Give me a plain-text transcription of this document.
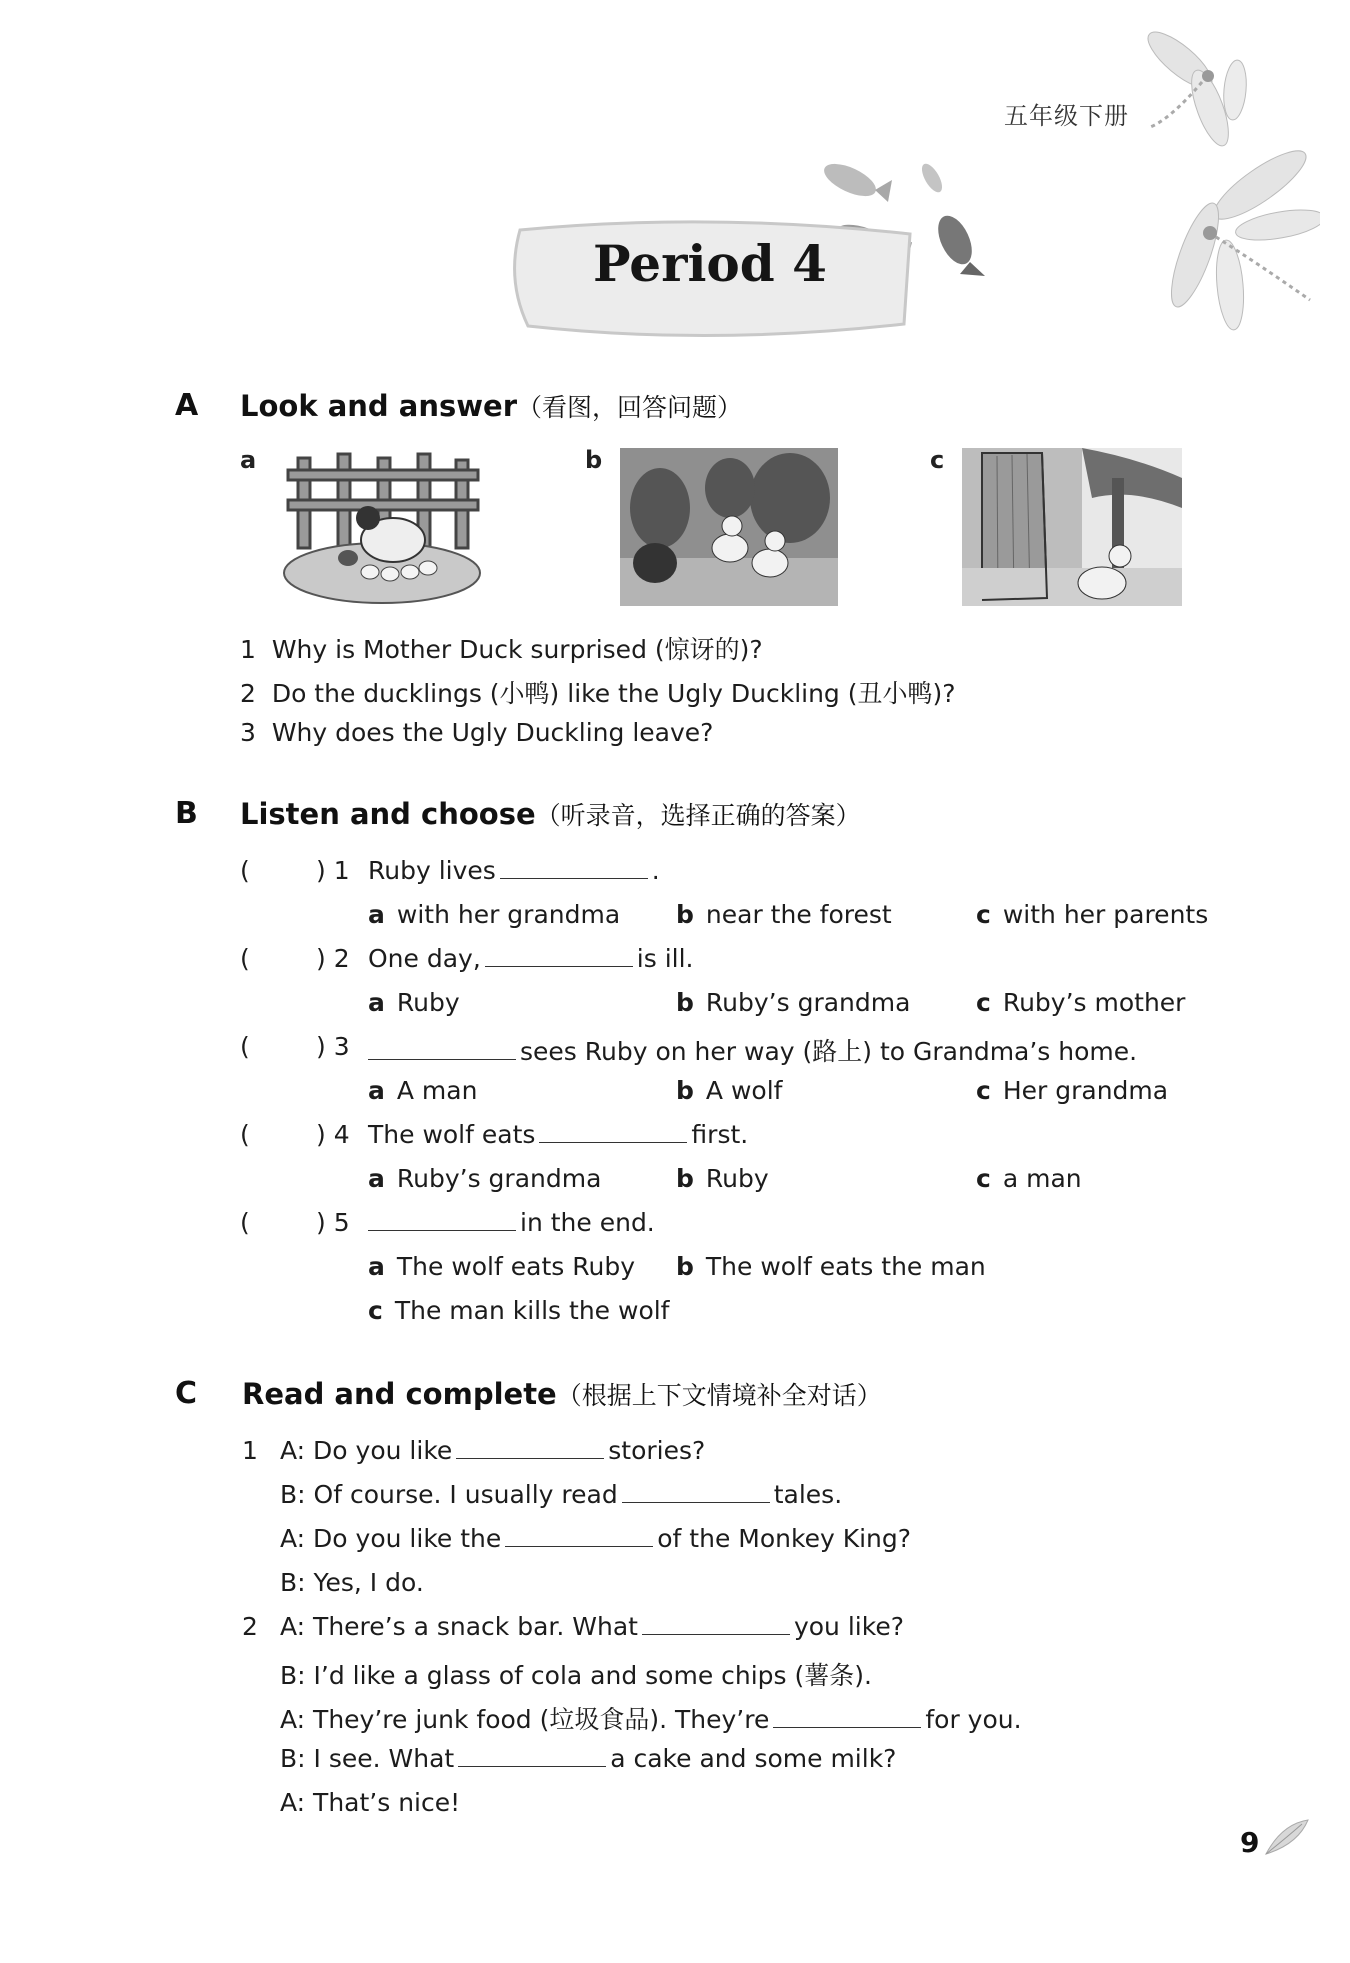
五年级下册
Period 4
A Look and answer（看图，回答问题）
a	b	c
1 Why is Mother Duck surprised (惊讶的)?
2 Do the ducklings (小鸭) like the Ugly Duckling (丑小鸭)?
3 Why does the Ugly Duckling leave?
B Listen and choose（听录音，选择正确的答案）
(	) 1 Ruby lives	.
a with her grandma b near the forest	c with her parents
(	) 2 One day,	is ill.
a Ruby	b Ruby’s grandma	c Ruby’s mother
(	) 3	sees Ruby on her way (路上) to Grandma’s home.
a A man	b A wolf	c Her grandma
(	) 4 The wolf eats	first.
a Ruby’s grandma	b Ruby	c a man
(	) 5	in the end.
a The wolf eats Ruby b The wolf eats the man
c The man kills the wolf
C Read and complete（根据上下文情境补全对话）
1 A: Do you like	stories?
B: Of course. I usually read	tales.
A: Do you like the	of the Monkey King?
B: Yes, I do.
2 A: There’s a snack bar. What	you like?
B: I’d like a glass of cola and some chips (薯条).
A: They’re junk food (垃圾食品). They’re	for you.
B: I see. What	a cake and some milk?
A: That’s nice!
9
